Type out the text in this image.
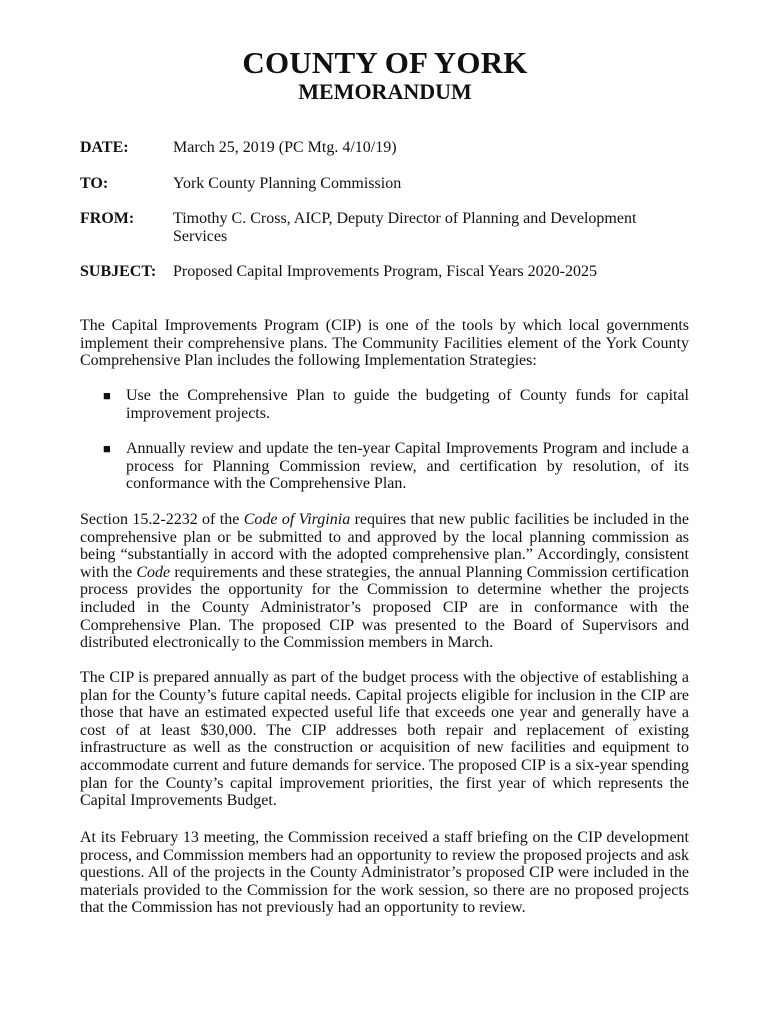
COUNTY OF YORK
MEMORANDUM
DATE:	March 25, 2019 (PC Mtg. 4/10/19)
TO:	York County Planning Commission
FROM: Timothy C. Cross, AICP, Deputy Director of Planning and Development Services
SUBJECT: Proposed Capital Improvements Program, Fiscal Years 2020-2025
The Capital Improvements Program (CIP) is one of the tools by which local governments implement their comprehensive plans. The Community Facilities element of the York County Comprehensive Plan includes the following Implementation Strategies:
■ Use the Comprehensive Plan to guide the budgeting of County funds for capital improvement projects.
■ Annually review and update the ten-year Capital Improvements Program and include a process for Planning Commission review, and certification by resolution, of its conformance with the Comprehensive Plan.
Section 15.2-2232 of the Code of Virginia requires that new public facilities be included in the comprehensive plan or be submitted to and approved by the local planning commission as being “substantially in accord with the adopted comprehensive plan.” Accordingly, consistent with the Code requirements and these strategies, the annual Planning Commission certification process provides the opportunity for the Commission to determine whether the projects included in the County Administrator’s proposed CIP are in conformance with the Comprehensive Plan. The proposed CIP was presented to the Board of Supervisors and distributed electronically to the Commission members in March.
The CIP is prepared annually as part of the budget process with the objective of establishing a plan for the County’s future capital needs. Capital projects eligible for inclusion in the CIP are those that have an estimated expected useful life that exceeds one year and generally have a cost of at least $30,000. The CIP addresses both repair and replacement of existing infrastructure as well as the construction or acquisition of new facilities and equipment to accommodate current and future demands for service. The proposed CIP is a six-year spending plan for the County’s capital improvement priorities, the first year of which represents the Capital Improvements Budget.
At its February 13 meeting, the Commission received a staff briefing on the CIP development process, and Commission members had an opportunity to review the proposed projects and ask questions. All of the projects in the County Administrator’s proposed CIP were included in the materials provided to the Commission for the work session, so there are no proposed projects that the Commission has not previously had an opportunity to review.
